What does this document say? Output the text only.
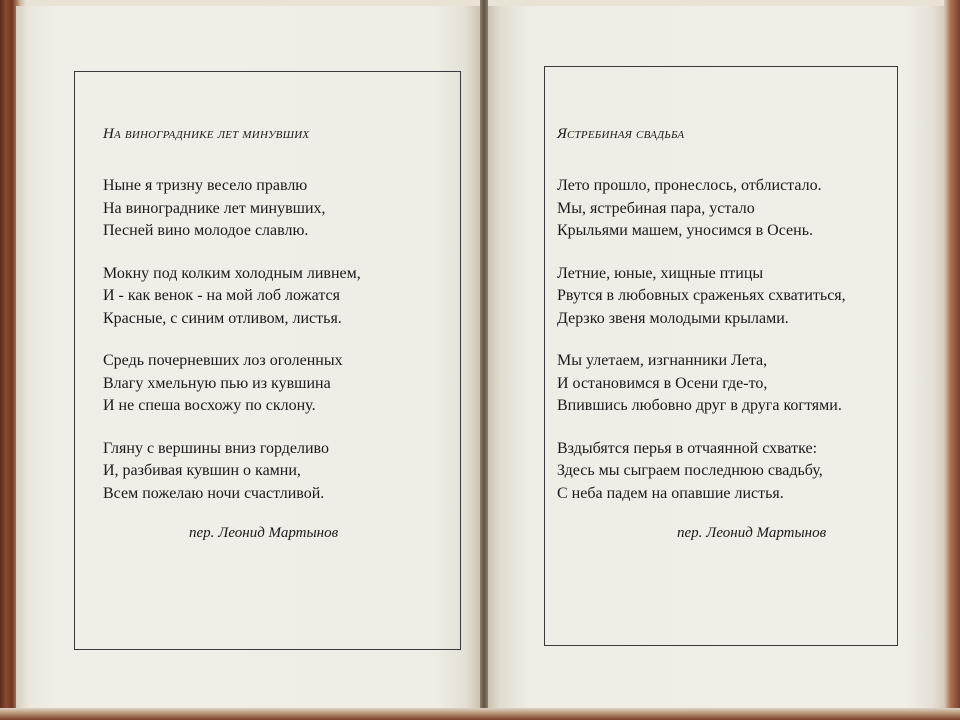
На винограднике лет минувших
Ныне я тризну весело правлю
На винограднике лет минувших,
Песней вино молодое славлю.
Мокну под колким холодным ливнем,
И - как венок - на мой лоб ложатся
Красные, с синим отливом, листья.
Средь почерневших лоз оголенных
Влагу хмельную пью из кувшина
И не спеша восхожу по склону.
Гляну с вершины вниз горделиво
И, разбивая кувшин о камни,
Всем пожелаю ночи счастливой.
пер. Леонид Мартынов
Ястребиная свадьба
Лето прошло, пронеслось, отблистало.
Мы, ястребиная пара, устало
Крыльями машем, уносимся в Осень.
Летние, юные, хищные птицы
Рвутся в любовных сраженьях схватиться,
Дерзко звеня молодыми крылами.
Мы улетаем, изгнанники Лета,
И остановимся в Осени где-то,
Впившись любовно друг в друга когтями.
Вздыбятся перья в отчаянной схватке:
Здесь мы сыграем последнюю свадьбу,
С неба падем на опавшие листья.
пер. Леонид Мартынов
